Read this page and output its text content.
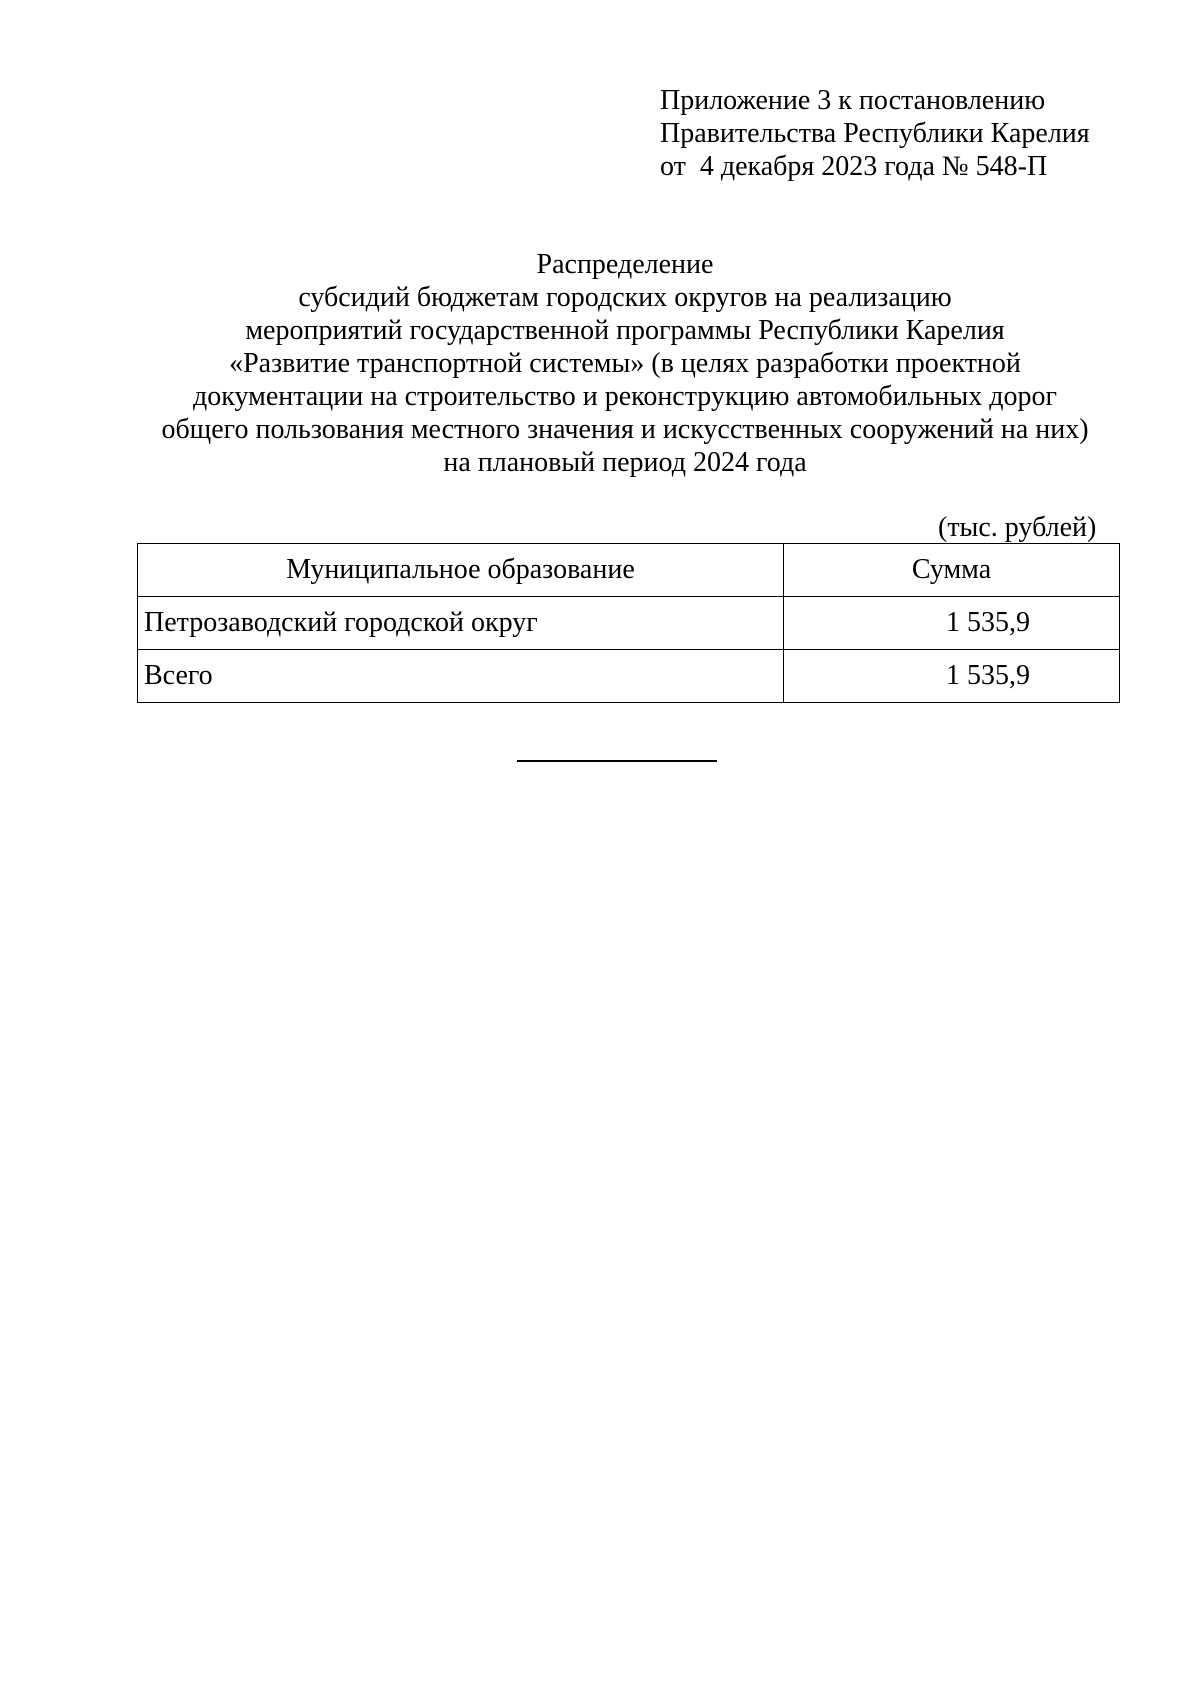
Приложение 3 к постановлению
Правительства Республики Карелия
от  4 декабря 2023 года № 548-П
Распределение
субсидий бюджетам городских округов на реализацию
мероприятий государственной программы Республики Карелия
«Развитие транспортной системы» (в целях разработки проектной
документации на строительство и реконструкцию автомобильных дорог
общего пользования местного значения и искусственных сооружений на них)
на плановый период 2024 года
(тыс. рублей)
Муниципальное образование	Сумма
Петрозаводский городской округ	1 535,9
Всего	1 535,9
